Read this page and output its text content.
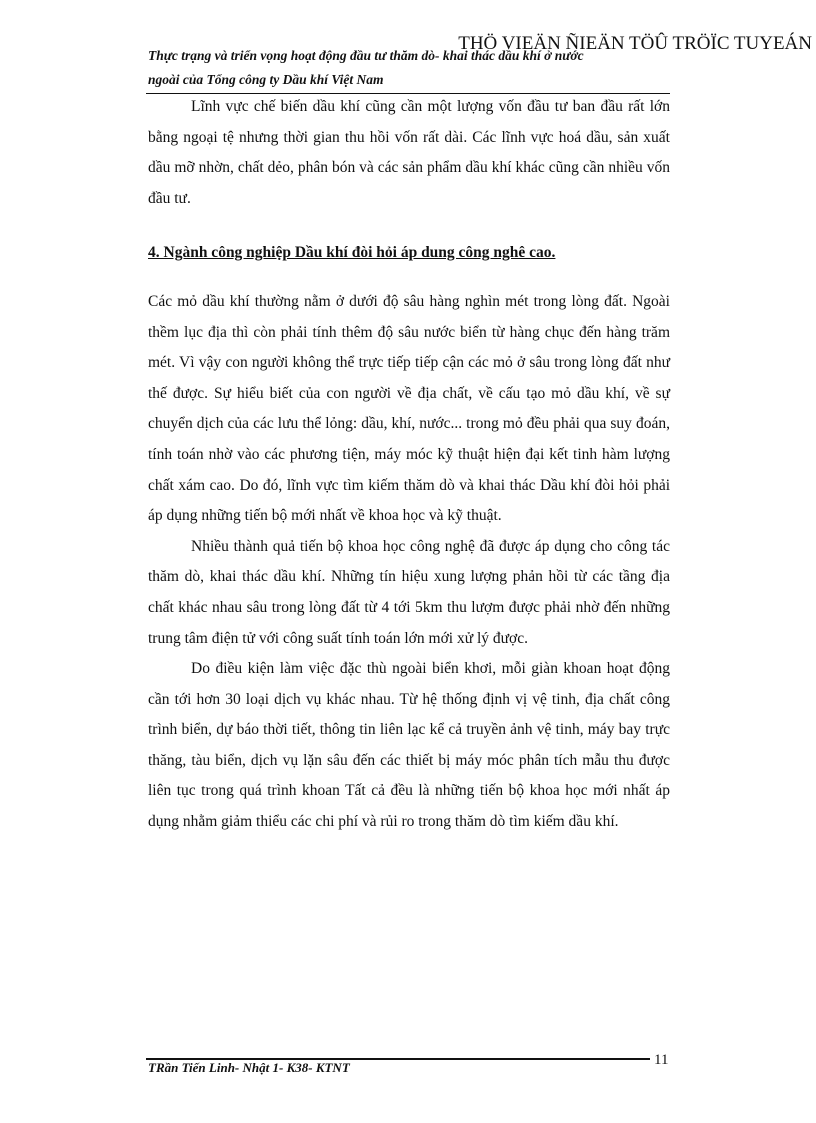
THÖ VIEÄN ÑIEÄN TÖÛ TRÖÏC TUYEÁN
Thực trạng và triển vọng hoạt động đầu tư thăm dò- khai thác dầu khí ở nước
ngoài của Tổng công ty Dầu khí Việt Nam

Lĩnh vực chế biến dầu khí cũng cần một lượng vốn đầu tư ban đầu rất lớn bằng ngoại tệ nhưng thời gian thu hồi vốn rất dài. Các lĩnh vực hoá dầu, sản xuất dầu mỡ nhờn, chất dẻo, phân bón và các sản phẩm dầu khí khác cũng cần nhiều vốn đầu tư.

4. Ngành công nghiệp Dầu khí đòi hỏi áp dung công nghê cao.

Các mỏ dầu khí thường nằm ở dưới độ sâu hàng nghìn mét trong lòng đất. Ngoài thềm lục địa thì còn phải tính thêm độ sâu nước biển từ hàng chục đến hàng trăm mét. Vì vậy con người không thể trực tiếp tiếp cận các mỏ ở sâu trong lòng đất như thế được. Sự hiểu biết của con người về địa chất, về cấu tạo mỏ dầu khí, về sự chuyển dịch của các lưu thể lỏng: dầu, khí, nước... trong mỏ đều phải qua suy đoán, tính toán nhờ vào các phương tiện, máy móc kỹ thuật hiện đại kết tinh hàm lượng chất xám cao. Do đó, lĩnh vực tìm kiếm thăm dò và khai thác Dầu khí đòi hỏi phải áp dụng những tiến bộ mới nhất về khoa học và kỹ thuật.

Nhiều thành quả tiến bộ khoa học công nghệ đã được áp dụng cho công tác thăm dò, khai thác dầu khí. Những tín hiệu xung lượng phản hồi từ các tầng địa chất khác nhau sâu trong lòng đất từ 4 tới 5km thu lượm được phải nhờ đến những trung tâm điện tử với công suất tính toán lớn mới xử lý được.

Do điều kiện làm việc đặc thù ngoài biển khơi, mỗi giàn khoan hoạt động cần tới hơn 30 loại dịch vụ khác nhau. Từ hệ thống định vị vệ tinh, địa chất công trình biển, dự báo thời tiết, thông tin liên lạc kể cả truyền ảnh vệ tinh, máy bay trực thăng, tàu biển, dịch vụ lặn sâu đến các thiết bị máy móc phân tích mẫu thu được liên tục trong quá trình khoan Tất cả đều là những tiến bộ khoa học mới nhất áp dụng nhằm giảm thiểu các chi phí và rủi ro trong thăm dò tìm kiếm dầu khí.

TRần Tiến Linh- Nhật 1- K38- KTNT	11
